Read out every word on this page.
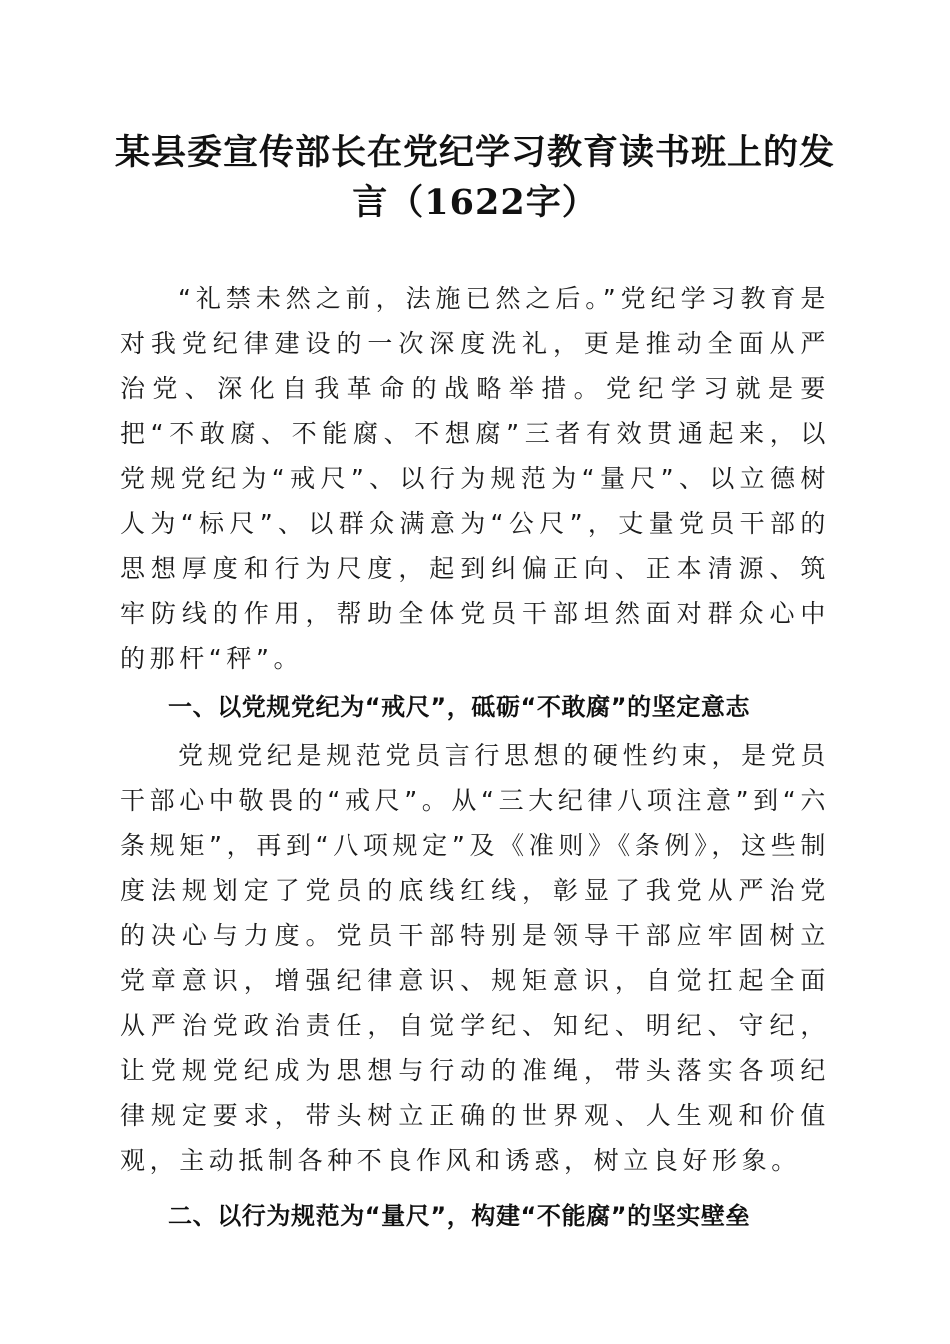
某县委宣传部长在党纪学习教育读书班上的发
言（1622字）

“礼禁未然之前，法施已然之后。”党纪学习教育是对我党纪律建设的一次深度洗礼，更是推动全面从严治党、深化自我革命的战略举措。党纪学习就是要把“不敢腐、不能腐、不想腐”三者有效贯通起来，以党规党纪为“戒尺”、以行为规范为“量尺”、以立德树人为“标尺”、以群众满意为“公尺”，丈量党员干部的思想厚度和行为尺度，起到纠偏正向、正本清源、筑牢防线的作用，帮助全体党员干部坦然面对群众心中的那杆“秤”。

一、以党规党纪为“戒尺”，砥砺“不敢腐”的坚定意志

党规党纪是规范党员言行思想的硬性约束，是党员干部心中敬畏的“戒尺”。从“三大纪律八项注意”到“六条规矩”，再到“八项规定”及《准则》《条例》，这些制度法规划定了党员的底线红线，彰显了我党从严治党的决心与力度。党员干部特别是领导干部应牢固树立党章意识，增强纪律意识、规矩意识，自觉扛起全面从严治党政治责任，自觉学纪、知纪、明纪、守纪，让党规党纪成为思想与行动的准绳，带头落实各项纪律规定要求，带头树立正确的世界观、人生观和价值观，主动抵制各种不良作风和诱惑，树立良好形象。

二、以行为规范为“量尺”，构建“不能腐”的坚实壁垒
